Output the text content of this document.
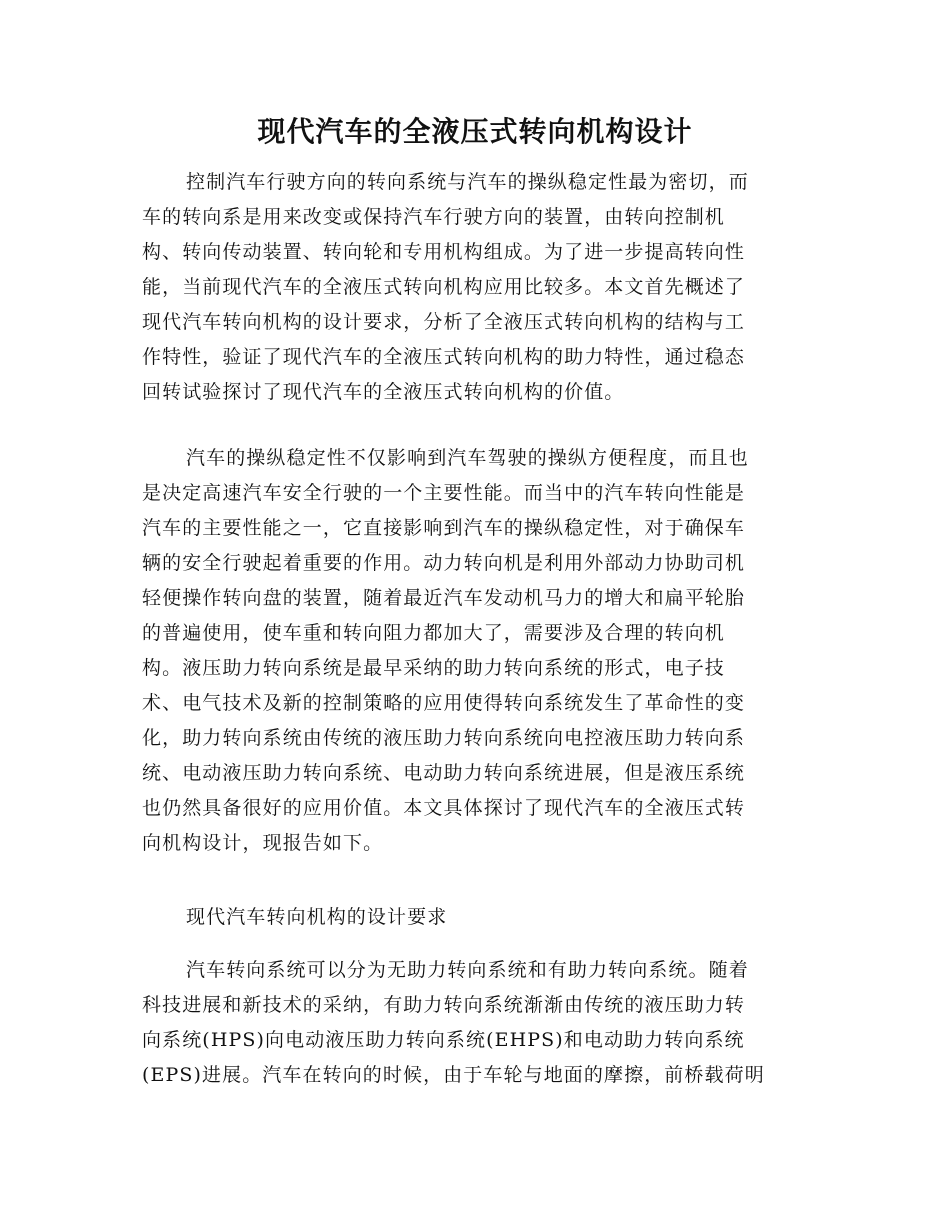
现代汽车的全液压式转向机构设计
控制汽车行驶方向的转向系统与汽车的操纵稳定性最为密切，而
车的转向系是用来改变或保持汽车行驶方向的装置，由转向控制机
构、转向传动装置、转向轮和专用机构组成。为了进一步提高转向性
能，当前现代汽车的全液压式转向机构应用比较多。本文首先概述了
现代汽车转向机构的设计要求，分析了全液压式转向机构的结构与工
作特性，验证了现代汽车的全液压式转向机构的助力特性，通过稳态
回转试验探讨了现代汽车的全液压式转向机构的价值。
汽车的操纵稳定性不仅影响到汽车驾驶的操纵方便程度，而且也
是决定高速汽车安全行驶的一个主要性能。而当中的汽车转向性能是
汽车的主要性能之一，它直接影响到汽车的操纵稳定性，对于确保车
辆的安全行驶起着重要的作用。动力转向机是利用外部动力协助司机
轻便操作转向盘的装置，随着最近汽车发动机马力的增大和扁平轮胎
的普遍使用，使车重和转向阻力都加大了，需要涉及合理的转向机
构。液压助力转向系统是最早采纳的助力转向系统的形式，电子技
术、电气技术及新的控制策略的应用使得转向系统发生了革命性的变
化，助力转向系统由传统的液压助力转向系统向电控液压助力转向系
统、电动液压助力转向系统、电动助力转向系统进展，但是液压系统
也仍然具备很好的应用价值。本文具体探讨了现代汽车的全液压式转
向机构设计，现报告如下。
现代汽车转向机构的设计要求
汽车转向系统可以分为无助力转向系统和有助力转向系统。随着
科技进展和新技术的采纳，有助力转向系统渐渐由传统的液压助力转
向系统(HPS)向电动液压助力转向系统(EHPS)和电动助力转向系统
(EPS)进展。汽车在转向的时候，由于车轮与地面的摩擦，前桥载荷明
